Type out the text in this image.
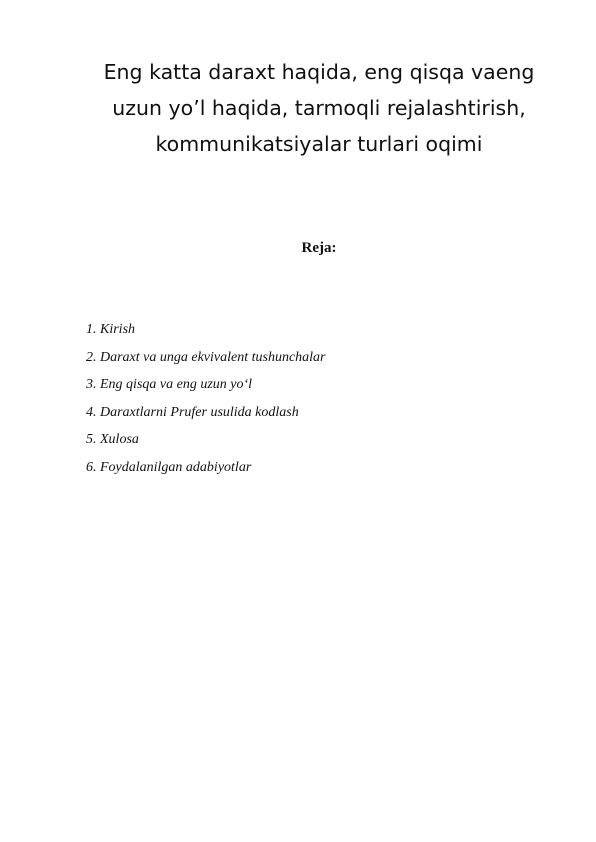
Eng katta daraxt haqida, eng qisqa vaeng
uzun yo’l haqida, tarmoqli rejalashtirish,
kommunikatsiyalar turlari oqimi
Reja:
1. Kirish
2. Daraxt va unga ekvivalent tushunchalar
3. Eng qisqa va eng uzun yo‘l
4. Daraxtlarni Prufer usulida kodlash
5. Xulosa
6. Foydalanilgan adabiyotlar
